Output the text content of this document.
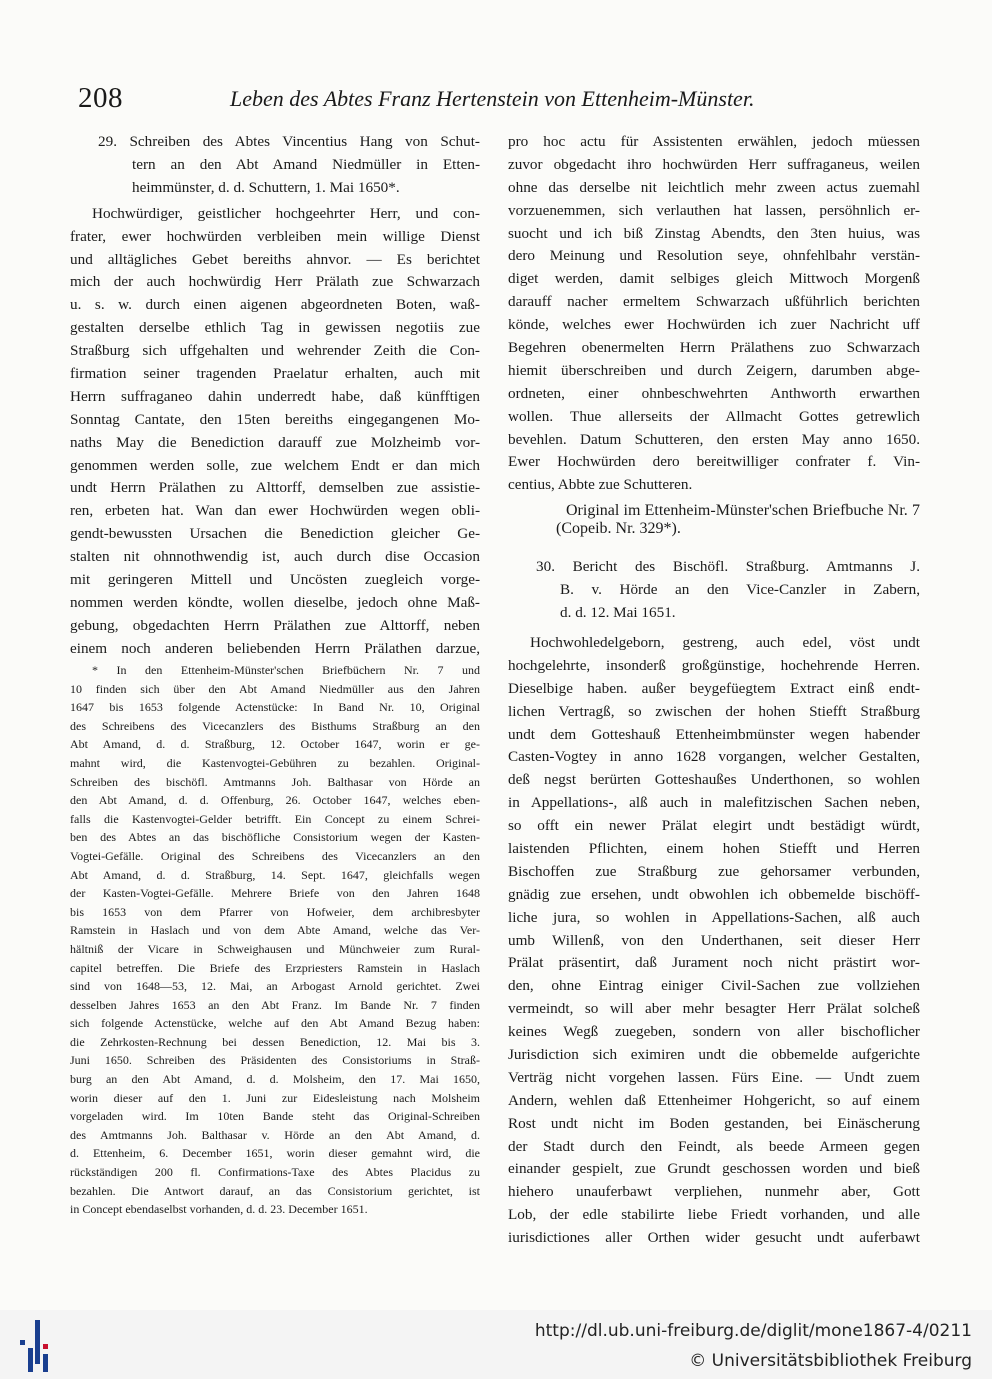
208	Leben des Abtes Franz Hertenstein von Ettenheim-Münster.
29. Schreiben des Abtes Vincentius Hang von Schut-
tern an den Abt Amand Niedmüller in Etten-
heimmünster, d. d. Schuttern, 1. Mai 1650*.
Hochwürdiger, geistlicher hochgeehrter Herr, und con-
frater, ewer hochwürden verbleiben mein willige Dienst
und alltägliches Gebet bereiths ahnvor. — Es berichtet
mich der auch hochwürdig Herr Prälath zue Schwarzach
u. s. w. durch einen aigenen abgeordneten Boten, waß-
gestalten derselbe ethlich Tag in gewissen negotiis zue
Straßburg sich uffgehalten und wehrender Zeith die Con-
firmation seiner tragenden Praelatur erhalten, auch mit
Herrn suffraganeo dahin underredt habe, daß künfftigen
Sonntag Cantate, den 15ten bereiths eingegangenen Mo-
naths May die Benediction darauff zue Molzheimb vor-
genommen werden solle, zue welchem Endt er dan mich
undt Herrn Prälathen zu Alttorff, demselben zue assistie-
ren, erbeten hat. Wan dan ewer Hochwürden wegen obli-
gendt-bewussten Ursachen die Benediction gleicher Ge-
stalten nit ohnnothwendig ist, auch durch dise Occasion
mit geringeren Mittell und Uncösten zuegleich vorge-
nommen werden köndte, wollen dieselbe, jedoch ohne Maß-
gebung, obgedachten Herrn Prälathen zue Alttorff, neben
einem noch anderen beliebenden Herrn Prälathen darzue,
* In den Ettenheim-Münster'schen Briefbüchern Nr. 7 und
10 finden sich über den Abt Amand Niedmüller aus den Jahren
1647 bis 1653 folgende Actenstücke: In Band Nr. 10, Original
des Schreibens des Vicecanzlers des Bisthums Straßburg an den
Abt Amand, d. d. Straßburg, 12. October 1647, worin er ge-
mahnt wird, die Kastenvogtei-Gebühren zu bezahlen. Original-
Schreiben des bischöfl. Amtmanns Joh. Balthasar von Hörde an
den Abt Amand, d. d. Offenburg, 26. October 1647, welches eben-
falls die Kastenvogtei-Gelder betrifft. Ein Concept zu einem Schrei-
ben des Abtes an das bischöfliche Consistorium wegen der Kasten-
Vogtei-Gefälle. Original des Schreibens des Vicecanzlers an den
Abt Amand, d. d. Straßburg, 14. Sept. 1647, gleichfalls wegen
der Kasten-Vogtei-Gefälle. Mehrere Briefe von den Jahren 1648
bis 1653 von dem Pfarrer von Hofweier, dem archibresbyter
Ramstein in Haslach und von dem Abte Amand, welche das Ver-
hältniß der Vicare in Schweighausen und Münchweier zum Rural-
capitel betreffen. Die Briefe des Erzpriesters Ramstein in Haslach
sind von 1648—53, 12. Mai, an Arbogast Arnold gerichtet. Zwei
desselben Jahres 1653 an den Abt Franz. Im Bande Nr. 7 finden
sich folgende Actenstücke, welche auf den Abt Amand Bezug haben:
die Zehrkosten-Rechnung bei dessen Benediction, 12. Mai bis 3.
Juni 1650. Schreiben des Präsidenten des Consistoriums in Straß-
burg an den Abt Amand, d. d. Molsheim, den 17. Mai 1650,
worin dieser auf den 1. Juni zur Eidesleistung nach Molsheim
vorgeladen wird. Im 10ten Bande steht das Original-Schreiben
des Amtmanns Joh. Balthasar v. Hörde an den Abt Amand, d.
d. Ettenheim, 6. December 1651, worin dieser gemahnt wird, die
rückständigen 200 fl. Confirmations-Taxe des Abtes Placidus zu
bezahlen. Die Antwort darauf, an das Consistorium gerichtet, ist
in Concept ebendaselbst vorhanden, d. d. 23. December 1651.
pro hoc actu für Assistenten erwählen, jedoch müessen
zuvor obgedacht ihro hochwürden Herr suffraganeus, weilen
ohne das derselbe nit leichtlich mehr zween actus zuemahl
vorzuenemmen, sich verlauthen hat lassen, persöhnlich er-
suocht und ich biß Zinstag Abendts, den 3ten huius, was
dero Meinung und Resolution seye, ohnfehlbahr verstän-
diget werden, damit selbiges gleich Mittwoch Morgenß
darauff nacher ermeltem Schwarzach ußführlich berichten
könde, welches ewer Hochwürden ich zuer Nachricht uff
Begehren obenermelten Herrn Prälathens zuo Schwarzach
hiemit überschreiben und durch Zeigern, darumben abge-
ordneten, einer ohnbeschwehrten Anthworth erwarthen
wollen. Thue allerseits der Allmacht Gottes getrewlich
bevehlen. Datum Schutteren, den ersten May anno 1650.
Ewer Hochwürden dero bereitwilliger confrater f. Vin-
centius, Abbte zue Schutteren.
Original im Ettenheim-Münster'schen Briefbuche Nr. 7
(Copeib. Nr. 329*).
30. Bericht des Bischöfl. Straßburg. Amtmanns J.
B. v. Hörde an den Vice-Canzler in Zabern,
d. d. 12. Mai 1651.
Hochwohledelgeborn, gestreng, auch edel, vöst undt
hochgelehrte, insonderß großgünstige, hochehrende Herren.
Dieselbige haben. außer beygefüegtem Extract einß endt-
lichen Vertragß, so zwischen der hohen Stiefft Straßburg
undt dem Gotteshauß Ettenheimbmünster wegen habender
Casten-Vogtey in anno 1628 vorgangen, welcher Gestalten,
deß negst berürten Gotteshaußes Underthonen, so wohlen
in Appellations-, alß auch in malefitzischen Sachen neben,
so offt ein newer Prälat elegirt undt bestädigt würdt,
laistenden Pflichten, einem hohen Stiefft und Herren
Bischoffen zue Straßburg zue gehorsamer verbunden,
gnädig zue ersehen, undt obwohlen ich obbemelde bischöff-
liche jura, so wohlen in Appellations-Sachen, alß auch
umb Willenß, von den Underthanen, seit dieser Herr
Prälat präsentirt, daß Jurament noch nicht prästirt wor-
den, ohne Eintrag einiger Civil-Sachen zue vollziehen
vermeindt, so will aber mehr besagter Herr Prälat solcheß
keines Wegß zuegeben, sondern von aller bischoflicher
Jurisdiction sich eximiren undt die obbemelde aufgerichte
Verträg nicht vorgehen lassen. Fürs Eine. — Undt zuem
Andern, wehlen daß Ettenheimer Hohgericht, so auf einem
Rost undt nicht im Boden gestanden, bei Einäscherung
der Stadt durch den Feindt, als beede Armeen gegen
einander gespielt, zue Grundt geschossen worden und bieß
hiehero unauferbawt verpliehen, nunmehr aber, Gott
Lob, der edle stabilirte liebe Friedt vorhanden, und alle
iurisdictiones aller Orthen wider gesucht undt auferbawt
http://dl.ub.uni-freiburg.de/diglit/mone1867-4/0211
© Universitätsbibliothek Freiburg
